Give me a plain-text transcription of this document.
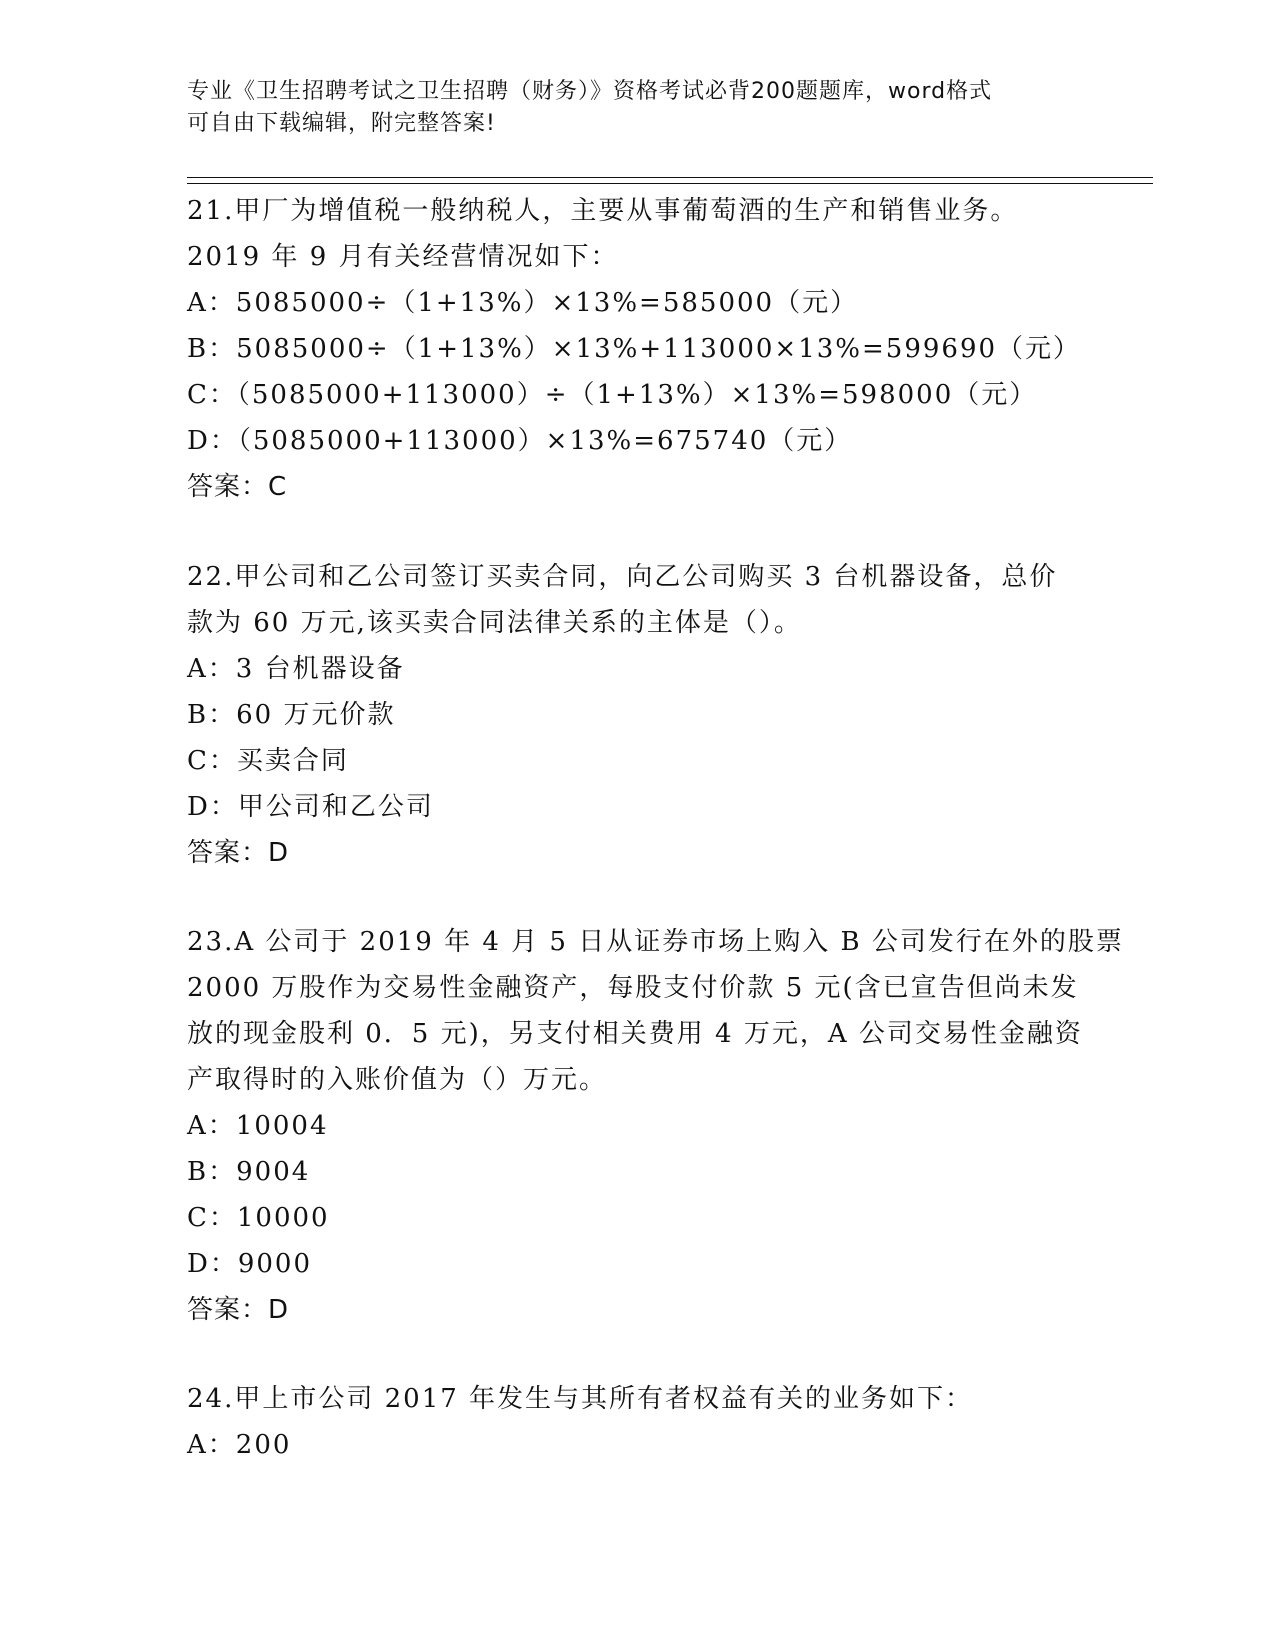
专业《卫生招聘考试之卫生招聘（财务）》资格考试必背200题题库，word格式
可自由下载编辑，附完整答案!
21.甲厂为增值税一般纳税人，主要从事葡萄酒的生产和销售业务。
2019 年 9 月有关经营情况如下：
A：5085000÷（1+13%）×13%=585000（元）
B：5085000÷（1+13%）×13%+113000×13%=599690（元）
C：（5085000+113000）÷（1+13%）×13%=598000（元）
D：（5085000+113000）×13%=675740（元）
答案：C
22.甲公司和乙公司签订买卖合同，向乙公司购买 3 台机器设备，总价
款为 60 万元,该买卖合同法律关系的主体是（）。
A：3 台机器设备
B：60 万元价款
C：买卖合同
D：甲公司和乙公司
答案：D
23.A 公司于 2019 年 4 月 5 日从证券市场上购入 B 公司发行在外的股票
2000 万股作为交易性金融资产，每股支付价款 5 元(含已宣告但尚未发
放的现金股利 0．5 元)，另支付相关费用 4 万元，A 公司交易性金融资
产取得时的入账价值为（）万元。
A：10004
B：9004
C：10000
D：9000
答案：D
24.甲上市公司 2017 年发生与其所有者权益有关的业务如下：
A：200
